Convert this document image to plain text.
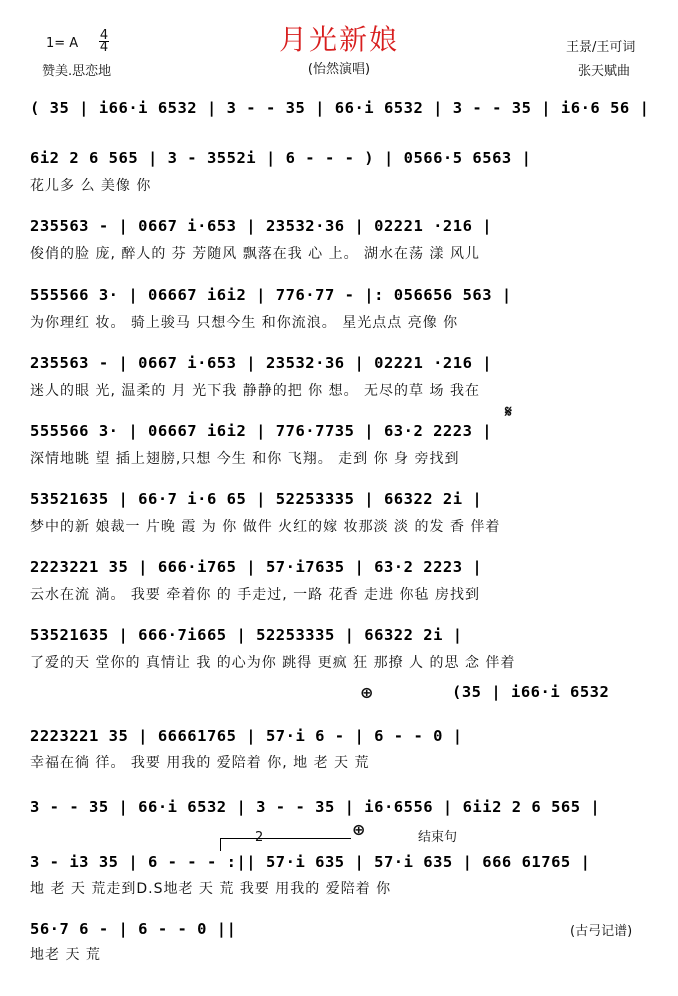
1= A
4
4	月光新娘	王景/王可词
赞美.思恋地	(怡然演唱)	张天赋曲
( 35 | i66·i 6532 | 3 - - 35 | 66·i 6532 | 3 - - 35 | i6·6 56 |
6i2 2 6 565 | 3 - 3552i | 6 - - - ) | 0566·5 6563 |
花儿多 么 美像 你
235563 - | 0667 i·653 | 23532·36 | 02221 ·216 |
俊俏的脸 庞, 醉人的 芬 芳随风 飘落在我 心 上。 湖水在荡 漾 风儿
555566 3· | 06667 i6i2 | 776·77 - |: 056656 563 |
为你理红 妆。 骑上骏马 只想今生 和你流浪。 星光点点 亮像 你
235563 - | 0667 i·653 | 23532·36 | 02221 ·216 |
迷人的眼 光, 温柔的 月 光下我 静静的把 你 想。 无尽的草 场 我在
𝄋
555566 3· | 06667 i6i2 | 776·7735 | 63·2 2223 |
深情地眺 望 插上翅膀,只想 今生 和你 飞翔。 走到 你 身 旁找到
53521635 | 66·7 i·6 65 | 52253335 | 66322 2i |
梦中的新 娘裁一 片晚 霞 为 你 做件 火红的嫁 妆那淡 淡 的发 香 伴着
2223221 35 | 666·i765 | 57·i7635 | 63·2 2223 |
云水在流 淌。 我要 牵着你 的 手走过, 一路 花香 走进 你毡 房找到
53521635 | 666·7i665 | 52253335 | 66322 2i |
了爱的天 堂你的 真情让 我 的心为你 跳得 更疯 狂 那撩 人 的思 念 伴着
⊕	(35 | i66·i 6532
2223221 35 | 66661765 | 57·i 6 - | 6 - - 0 |
幸福在徜 徉。 我要 用我的 爱陪着 你, 地 老 天 荒
3 - - 35 | 66·i 6532 | 3 - - 35 | i6·6556 | 6ii2 2 6 565 |
2	⊕	结束句
3 - i3 35 | 6 - - - :|| 57·i 635 | 57·i 635 | 666 61765 |
地 老 天 荒走到D.S地老 天 荒 我要 用我的 爱陪着 你
56·7 6 - | 6 - - 0 ||
地老 天 荒
(古弓记谱)
